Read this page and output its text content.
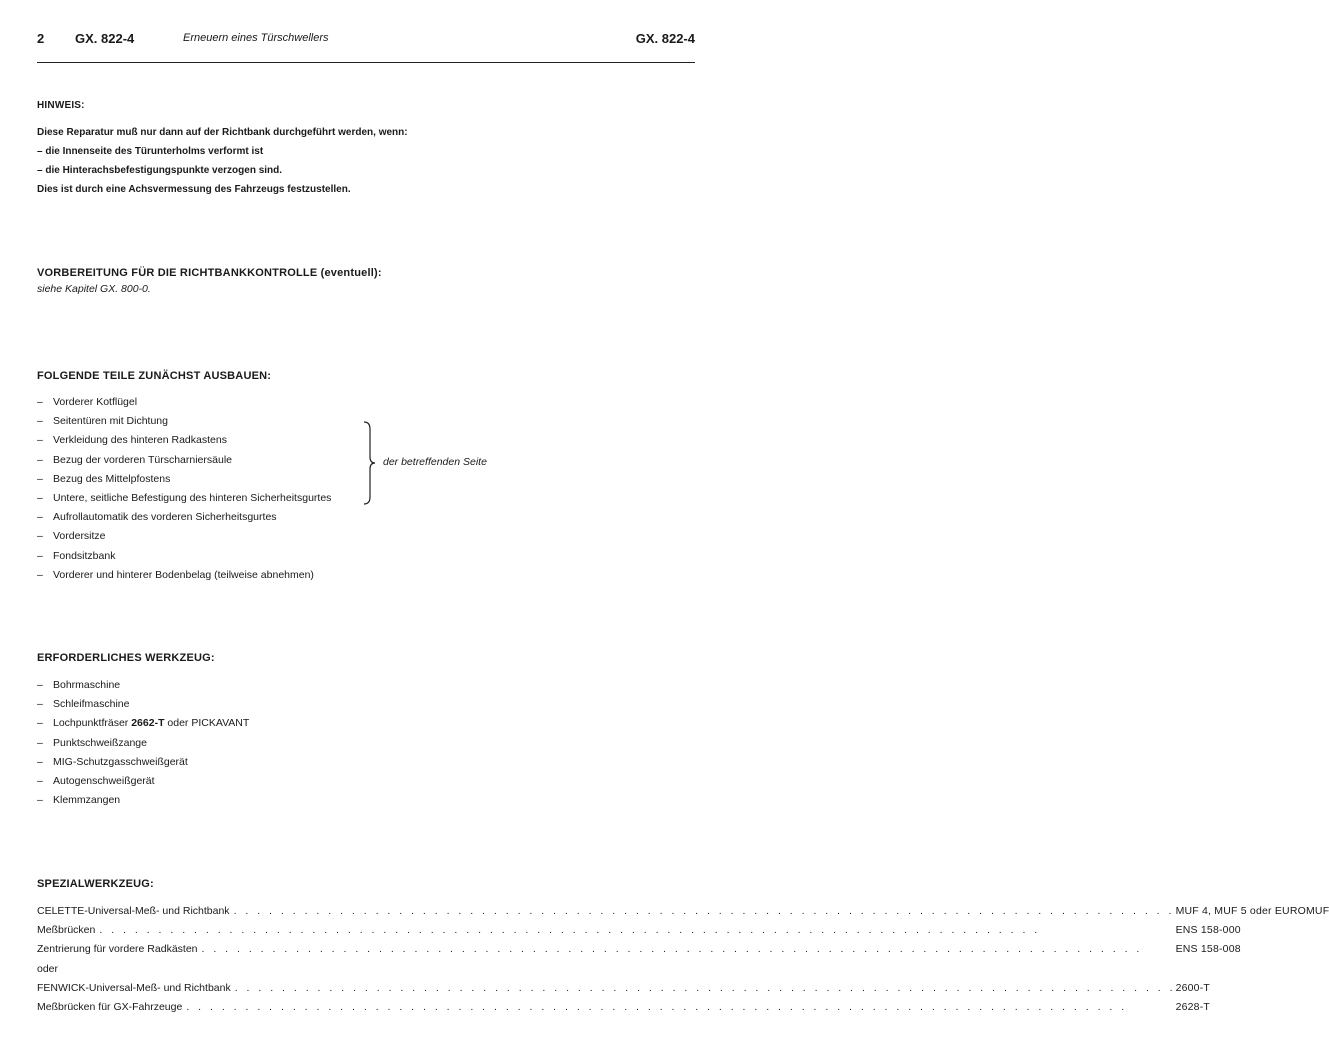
2 GX. 822-4	Erneuern eines Türschwellers	GX. 822-4

HINWEIS:

Diese Reparatur muß nur dann auf der Richtbank durchgeführt werden, wenn:

– die Innenseite des Türunterholms verformt ist

– die Hinterachsbefestigungspunkte verzogen sind.

Dies ist durch eine Achsvermessung des Fahrzeugs festzustellen.

VORBEREITUNG FÜR DIE RICHTBANKKONTROLLE (eventuell):

siehe Kapitel GX. 800-0.

FOLGENDE TEILE ZUNÄCHST AUSBAUEN:

– Vorderer Kotflügel
– Seitentüren mit Dichtung
– Verkleidung des hinteren Radkastens
– Bezug der vorderen Türscharniersäule
– Bezug des Mittelpfostens
– Untere, seitliche Befestigung des hinteren Sicherheitsgurtes
– Aufrollautomatik des vorderen Sicherheitsgurtes
– Vordersitze
– Fondsitzbank
– Vorderer und hinterer Bodenbelag (teilweise abnehmen)
der betreffenden Seite

ERFORDERLICHES WERKZEUG:

– Bohrmaschine
– Schleifmaschine
– Lochpunktfräser 2662-T oder PICKAVANT
– Punktschweißzange
– MIG-Schutzgasschweißgerät
– Autogenschweißgerät
– Klemmzangen

SPEZIALWERKZEUG:

CELETTE-Universal-Meß- und Richtbank . . . . . . . . . . . . . . . . . . . . . . . . . . . . . . . . . . . . . . . . . . . . . . . . . . . . . . . . . . . . . . . . . . . . . . . . . . . . . . . .		MUF 4, MUF 5 oder EUROMUF

Meßbrücken . . . . . . . . . . . . . . . . . . . . . . . . . . . . . . . . . . . . . . . . . . . . . . . . . . . . . . . . . . . . . . . . . . . . . . . . . . . . . . . .		ENS 158-000

Zentrierung für vordere Radkästen . . . . . . . . . . . . . . . . . . . . . . . . . . . . . . . . . . . . . . . . . . . . . . . . . . . . . . . . . . . . . . . . . . . . . . . . . . . . . . . .		ENS 158-008

oder	

FENWICK-Universal-Meß- und Richtbank . . . . . . . . . . . . . . . . . . . . . . . . . . . . . . . . . . . . . . . . . . . . . . . . . . . . . . . . . . . . . . . . . . . . . . . . . . . . . . . .		2600-T

Meßbrücken für GX-Fahrzeuge . . . . . . . . . . . . . . . . . . . . . . . . . . . . . . . . . . . . . . . . . . . . . . . . . . . . . . . . . . . . . . . . . . . . . . . . . . . . . . . .		2628-T
